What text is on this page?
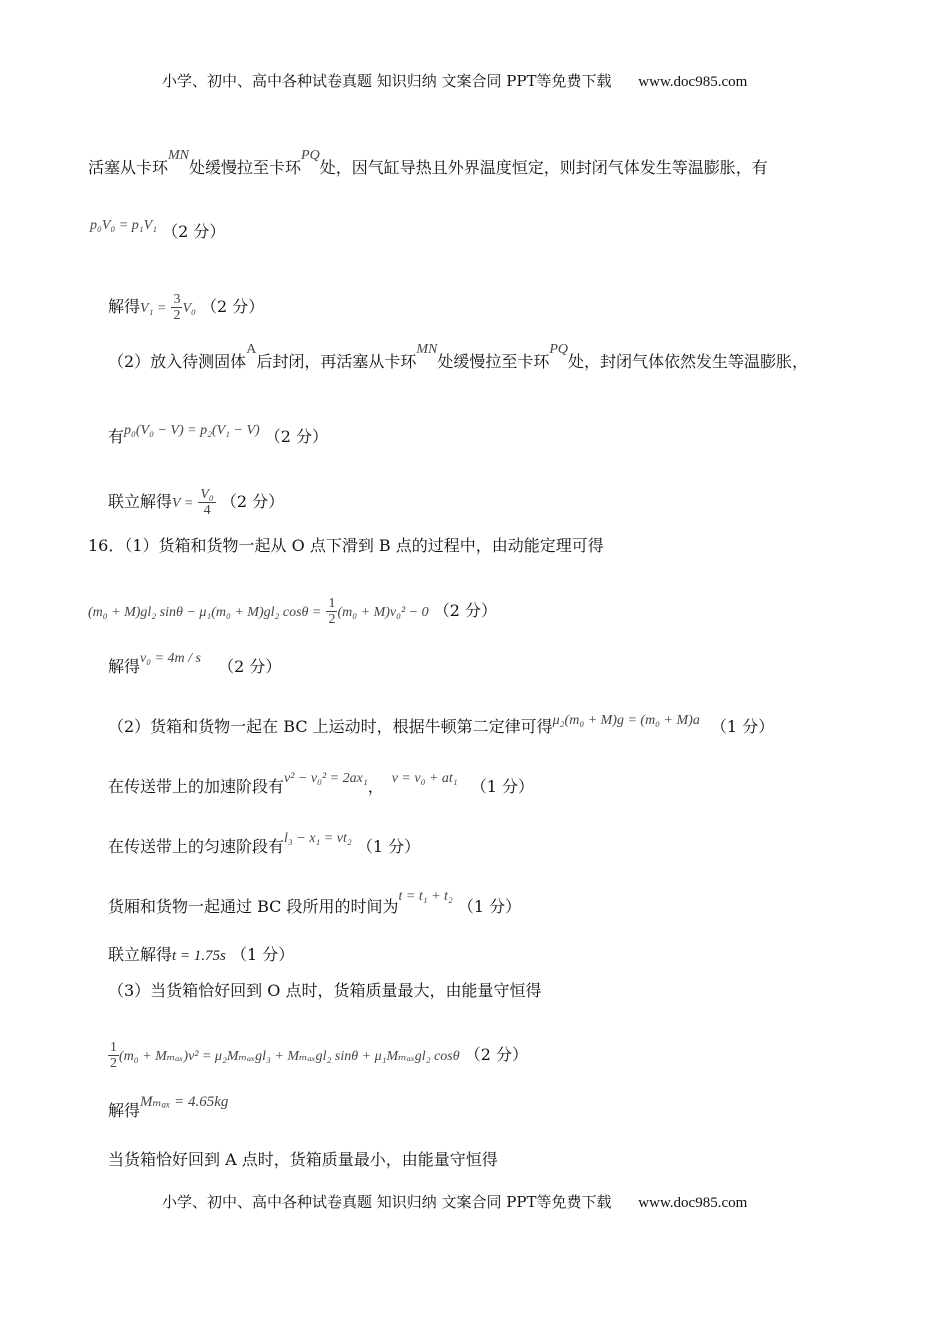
小学、初中、高中各种试卷真题 知识归纳 文案合同 PPT等免费下载 www.doc985.com
活塞从卡环MN处缓慢拉至卡环PQ处，因气缸导热且外界温度恒定，则封闭气体发生等温膨胀，有
p₀V₀ = p₁V₁ （2 分）
解得$V_1 = \frac{3}{2} V_0$ （2 分）
（2）放入待测固体A后封闭，再活塞从卡环MN处缓慢拉至卡环PQ处，封闭气体依然发生等温膨胀，
有p₀(V₀ − V) = p₂(V₁ − V) （2 分）
联立解得$V = \frac{\text{V₀}}{4} (2$ 分）
16．（1）货箱和货物一起从 O 点下滑到 B 点的过程中，由动能定理可得
(m₀ + M)gl₂ sinθ − μ₁(m₀ + M)gl₂ $\cos\theta = \frac{1}{2} (m_0 + M)v_0^2 - 0$ （2 分）
解得v₀ = 4m / s （2 分）
（2）货箱和货物一起在 BC 上运动时，根据牛顿第二定律可得μ₂(m₀ + M)g = (m₀ + M)a （1 分）
在传送带上的加速阶段有v² − v₀² = 2ax₁， v = v₀ + at₁ （1 分）
在传送带上的匀速阶段有l₃ − x₁ = vt₂ （1 分）
货厢和货物一起通过 BC 段所用的时间为t = t₁ + t₂ （1 分）
联立解得t = 1.75s （1 分）
（3）当货箱恰好回到 O 点时，货箱质量最大，由能量守恒得
$\frac{1}{2} (m_0 + M_{max})v^2 = \mu_2M_{max}gl_3 + M_{max}gl_2$ sinθ + μ₁Mₘₐₓgl₂ cosθ （2 分）
解得Mₘₐₓ = 4.65kg
当货箱恰好回到 A 点时，货箱质量最小，由能量守恒得
小学、初中、高中各种试卷真题 知识归纳 文案合同 PPT等免费下载 www.doc985.com
